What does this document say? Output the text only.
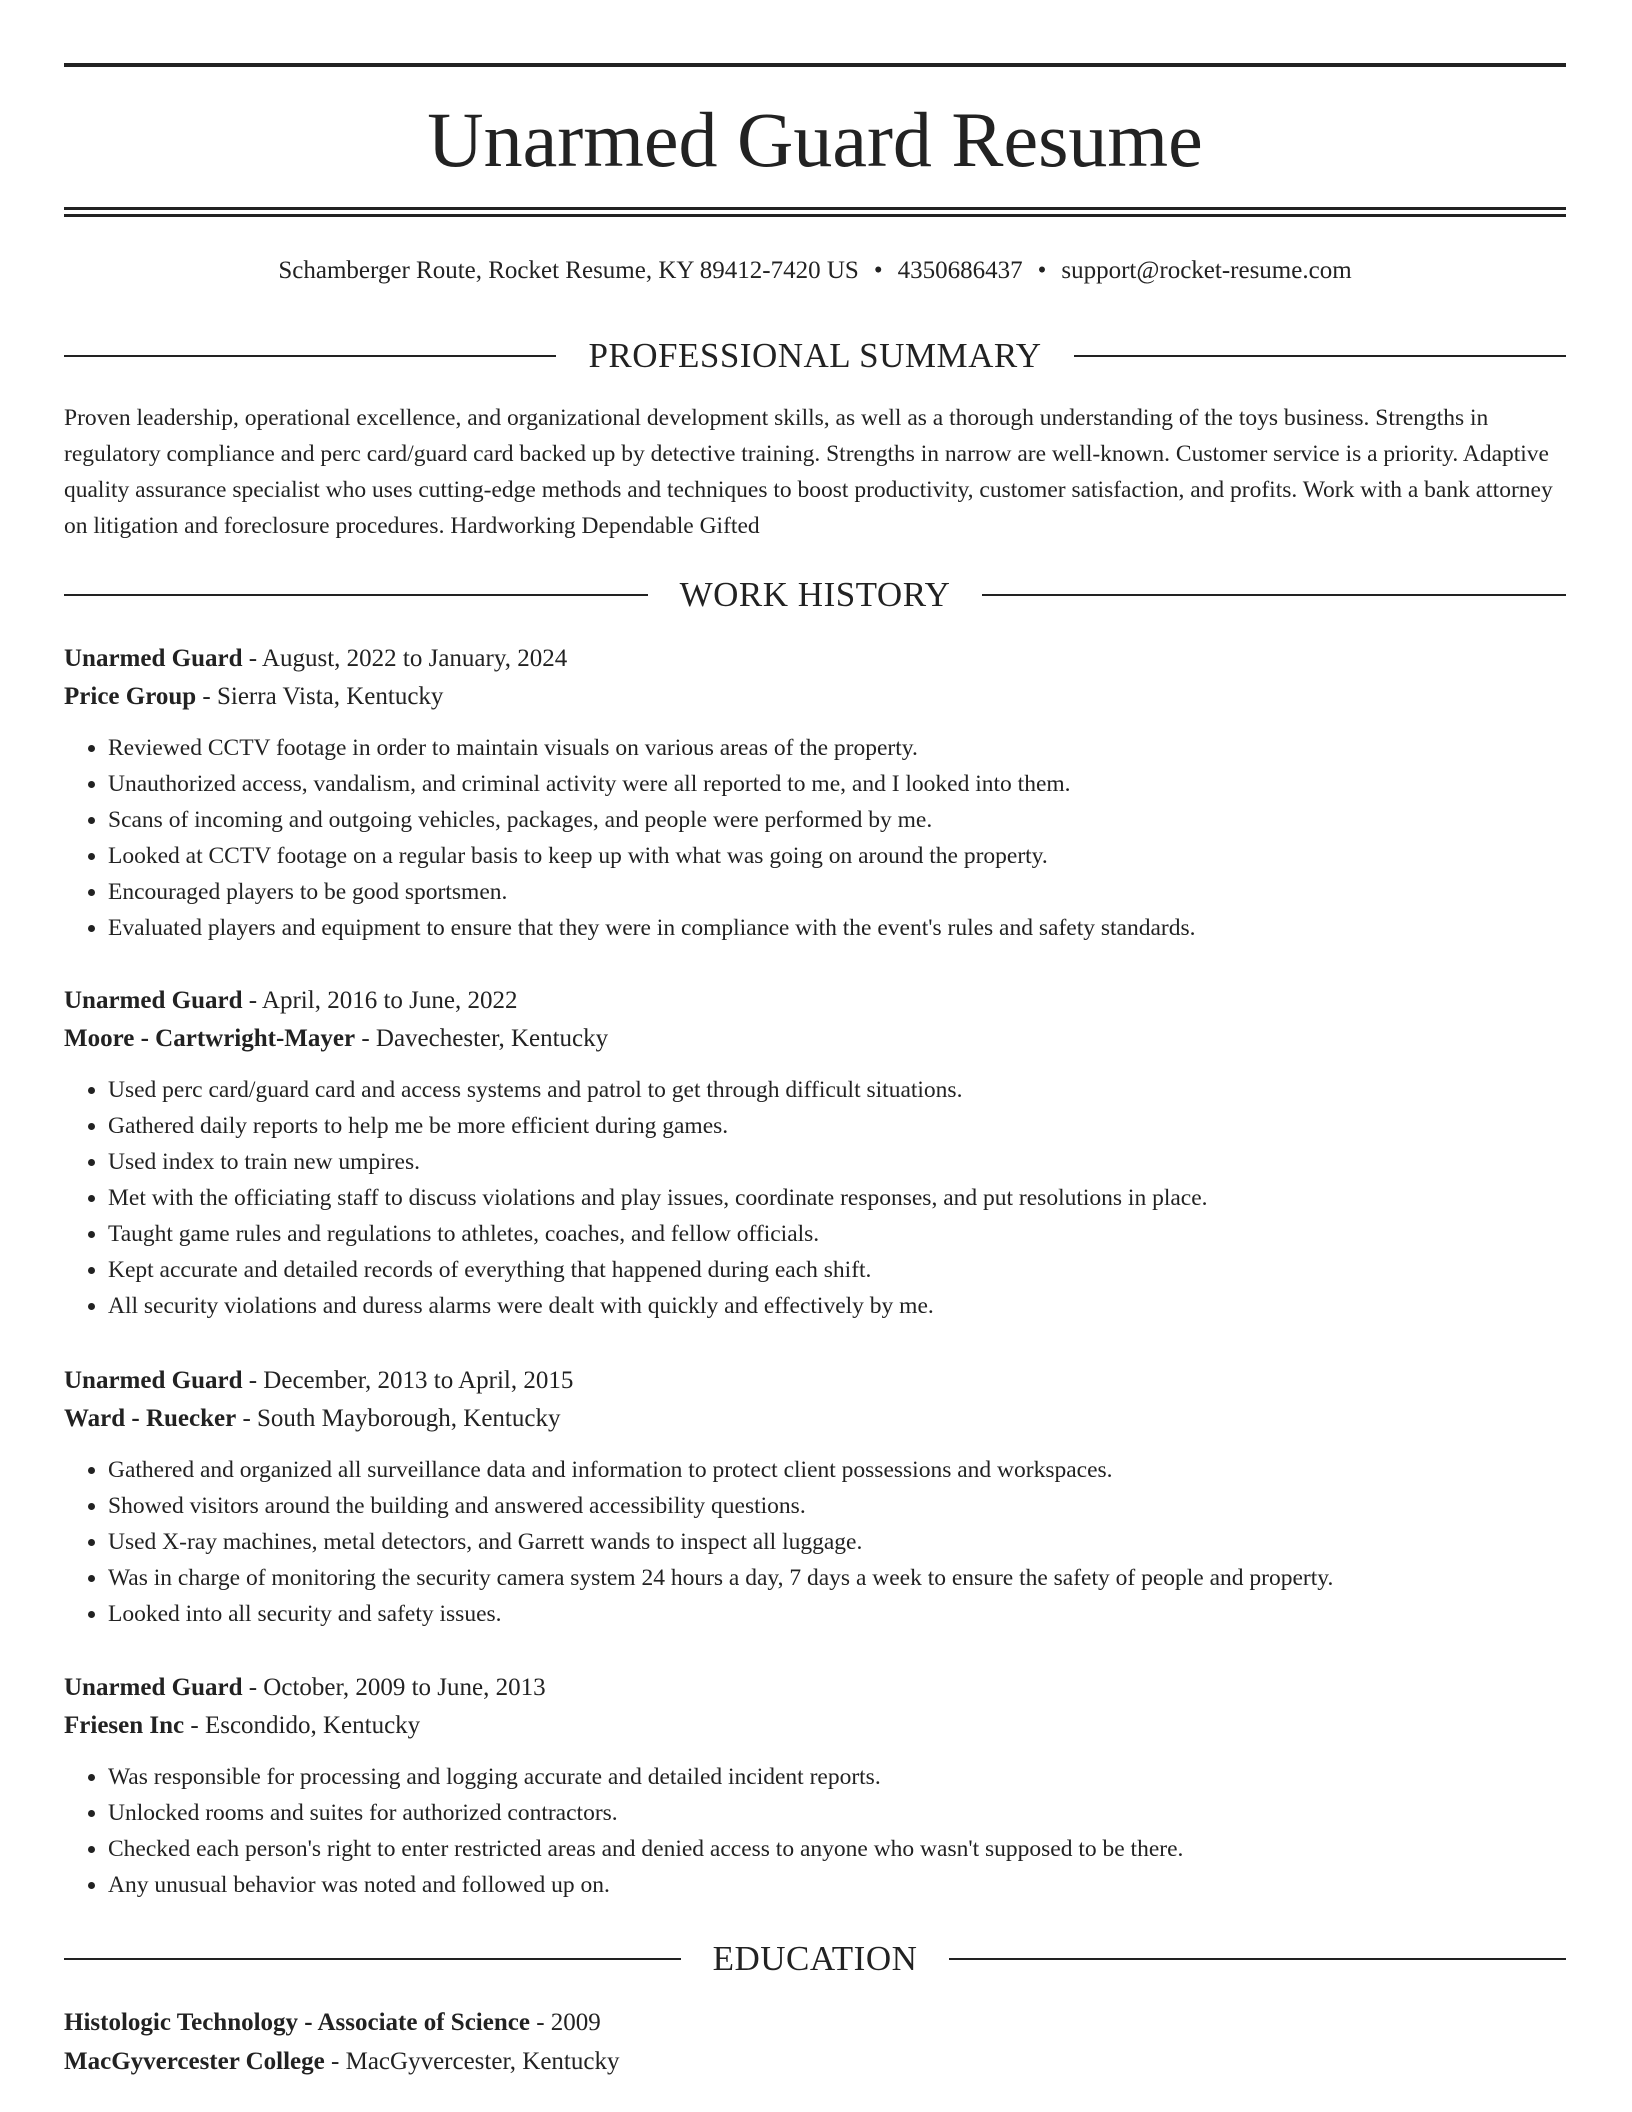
Unarmed Guard Resume
Schamberger Route, Rocket Resume, KY 89412-7420 US • 4350686437 • support@rocket-resume.com
PROFESSIONAL SUMMARY
Proven leadership, operational excellence, and organizational development skills, as well as a thorough understanding of the toys business. Strengths in regulatory compliance and perc card/guard card backed up by detective training. Strengths in narrow are well-known. Customer service is a priority. Adaptive quality assurance specialist who uses cutting-edge methods and techniques to boost productivity, customer satisfaction, and profits. Work with a bank attorney on litigation and foreclosure procedures. Hardworking Dependable Gifted
WORK HISTORY
Unarmed Guard - August, 2022 to January, 2024
Price Group - Sierra Vista, Kentucky
• Reviewed CCTV footage in order to maintain visuals on various areas of the property.
• Unauthorized access, vandalism, and criminal activity were all reported to me, and I looked into them.
• Scans of incoming and outgoing vehicles, packages, and people were performed by me.
• Looked at CCTV footage on a regular basis to keep up with what was going on around the property.
• Encouraged players to be good sportsmen.
• Evaluated players and equipment to ensure that they were in compliance with the event's rules and safety standards.
Unarmed Guard - April, 2016 to June, 2022
Moore - Cartwright-Mayer - Davechester, Kentucky
• Used perc card/guard card and access systems and patrol to get through difficult situations.
• Gathered daily reports to help me be more efficient during games.
• Used index to train new umpires.
• Met with the officiating staff to discuss violations and play issues, coordinate responses, and put resolutions in place.
• Taught game rules and regulations to athletes, coaches, and fellow officials.
• Kept accurate and detailed records of everything that happened during each shift.
• All security violations and duress alarms were dealt with quickly and effectively by me.
Unarmed Guard - December, 2013 to April, 2015
Ward - Ruecker - South Mayborough, Kentucky
• Gathered and organized all surveillance data and information to protect client possessions and workspaces.
• Showed visitors around the building and answered accessibility questions.
• Used X-ray machines, metal detectors, and Garrett wands to inspect all luggage.
• Was in charge of monitoring the security camera system 24 hours a day, 7 days a week to ensure the safety of people and property.
• Looked into all security and safety issues.
Unarmed Guard - October, 2009 to June, 2013
Friesen Inc - Escondido, Kentucky
• Was responsible for processing and logging accurate and detailed incident reports.
• Unlocked rooms and suites for authorized contractors.
• Checked each person's right to enter restricted areas and denied access to anyone who wasn't supposed to be there.
• Any unusual behavior was noted and followed up on.
EDUCATION
Histologic Technology - Associate of Science - 2009
MacGyvercester College - MacGyvercester, Kentucky
